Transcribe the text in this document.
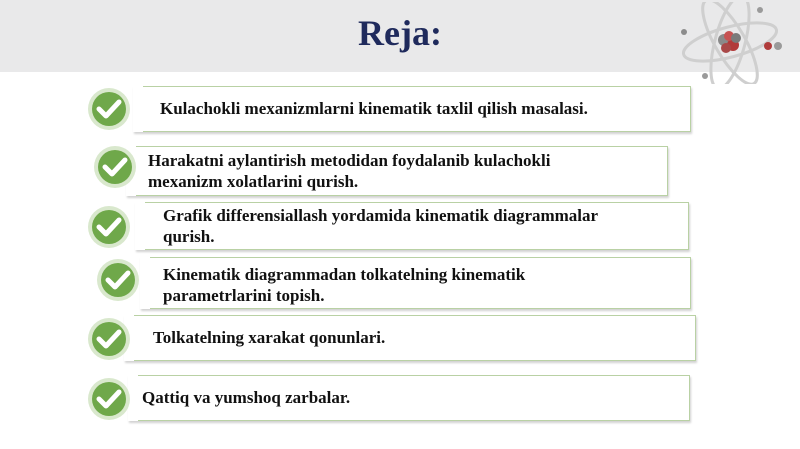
Reja:
Kulachokli mexanizmlarni kinematik taxlil qilish masalasi.
Harakatni aylantirish metodidan foydalanib kulachokli
mexanizm xolatlarini qurish.
Grafik differensiallash yordamida kinematik diagrammalar
qurish.
Kinematik diagrammadan tolkatelning kinematik
parametrlarini topish.
Tolkatelning xarakat qonunlari.
Qattiq va yumshoq zarbalar.
